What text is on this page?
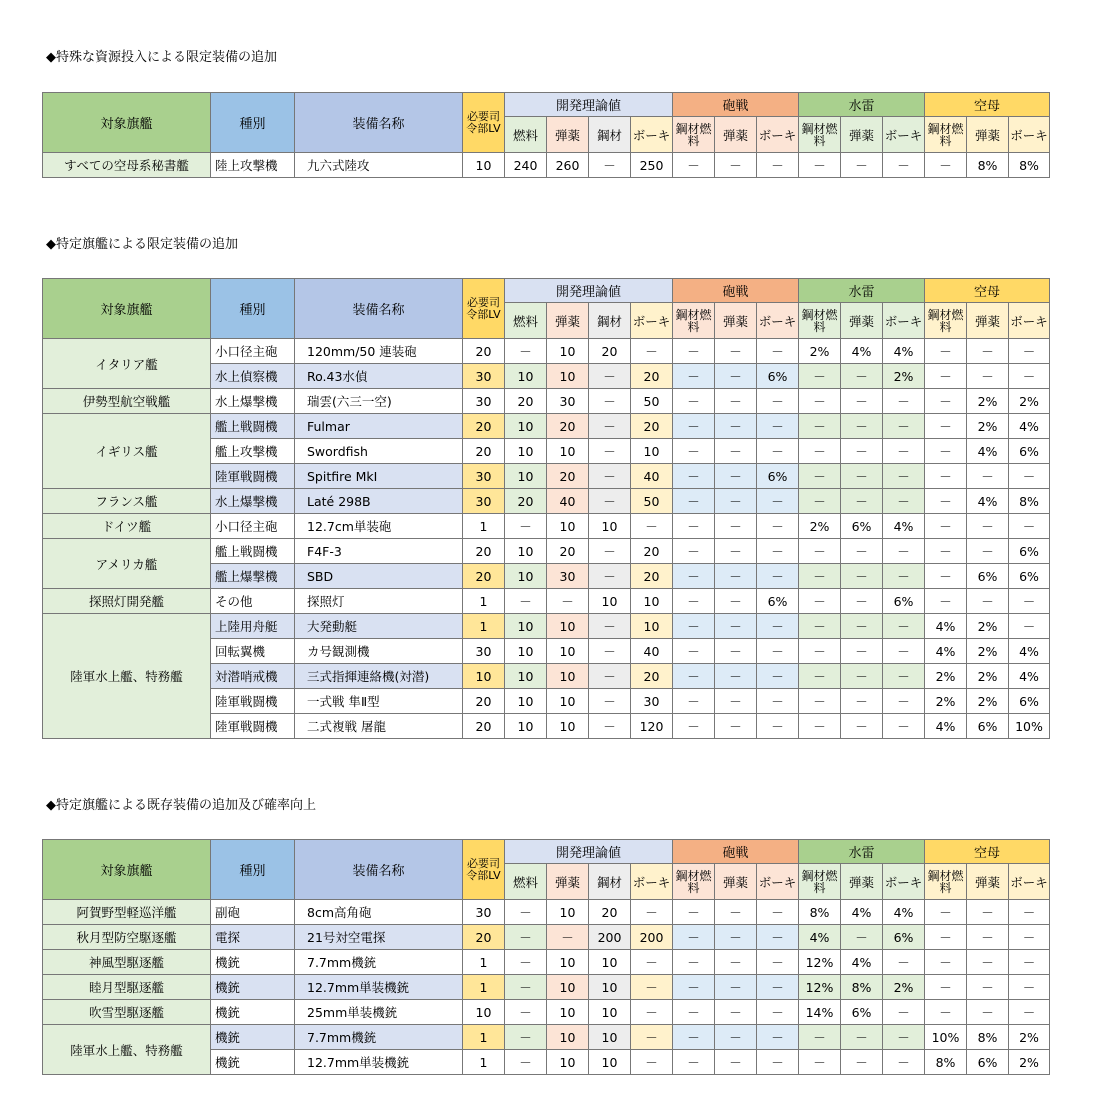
◆特殊な資源投入による限定装備の追加
対象旗艦	種別	装備名称	必要司令部LV	開発理論値				砲戦			水雷			空母		
				燃料	弾薬	鋼材	ボーキ	鋼材燃料	弾薬	ボーキ	鋼材燃料	弾薬	ボーキ	鋼材燃料	弾薬	ボーキ
すべての空母系秘書艦	陸上攻撃機	九六式陸攻	10	240	260	－	250	－	－	－	－	－	－	－	8%	8%
◆特定旗艦による限定装備の追加
対象旗艦	種別	装備名称	必要司令部LV	開発理論値				砲戦			水雷			空母		
				燃料	弾薬	鋼材	ボーキ	鋼材燃料	弾薬	ボーキ	鋼材燃料	弾薬	ボーキ	鋼材燃料	弾薬	ボーキ
イタリア艦	小口径主砲	120mm/50 連装砲	20	－	10	20	－	－	－	－	2%	4%	4%	－	－	－
	水上偵察機	Ro.43水偵	30	10	10	－	20	－	－	6%	－	－	2%	－	－	－
伊勢型航空戦艦	水上爆撃機	瑞雲(六三一空)	30	20	30	－	50	－	－	－	－	－	－	－	2%	2%
イギリス艦	艦上戦闘機	Fulmar	20	10	20	－	20	－	－	－	－	－	－	－	2%	4%
	艦上攻撃機	Swordfish	20	10	10	－	10	－	－	－	－	－	－	－	4%	6%
	陸軍戦闘機	Spitfire MkI	30	10	20	－	40	－	－	6%	－	－	－	－	－	－
フランス艦	水上爆撃機	Laté 298B	30	20	40	－	50	－	－	－	－	－	－	－	4%	8%
ドイツ艦	小口径主砲	12.7cm単装砲	1	－	10	10	－	－	－	－	2%	6%	4%	－	－	－
アメリカ艦	艦上戦闘機	F4F-3	20	10	20	－	20	－	－	－	－	－	－	－	－	6%
	艦上爆撃機	SBD	20	10	30	－	20	－	－	－	－	－	－	－	6%	6%
探照灯開発艦	その他	探照灯	1	－	－	10	10	－	－	6%	－	－	6%	－	－	－
陸軍水上艦、特務艦	上陸用舟艇	大発動艇	1	10	10	－	10	－	－	－	－	－	－	4%	2%	－
	回転翼機	カ号観測機	30	10	10	－	40	－	－	－	－	－	－	4%	2%	4%
	対潜哨戒機	三式指揮連絡機(対潜)	10	10	10	－	20	－	－	－	－	－	－	2%	2%	4%
	陸軍戦闘機	一式戦 隼Ⅱ型	20	10	10	－	30	－	－	－	－	－	－	2%	2%	6%
	陸軍戦闘機	二式複戦 屠龍	20	10	10	－	120	－	－	－	－	－	－	4%	6%	10%
◆特定旗艦による既存装備の追加及び確率向上
対象旗艦	種別	装備名称	必要司令部LV	開発理論値				砲戦			水雷			空母		
				燃料	弾薬	鋼材	ボーキ	鋼材燃料	弾薬	ボーキ	鋼材燃料	弾薬	ボーキ	鋼材燃料	弾薬	ボーキ
阿賀野型軽巡洋艦	副砲	8cm高角砲	30	－	10	20	－	－	－	－	8%	4%	4%	－	－	－
秋月型防空駆逐艦	電探	21号対空電探	20	－	－	200	200	－	－	－	4%	－	6%	－	－	－
神風型駆逐艦	機銃	7.7mm機銃	1	－	10	10	－	－	－	－	12%	4%	－	－	－	－
睦月型駆逐艦	機銃	12.7mm単装機銃	1	－	10	10	－	－	－	－	12%	8%	2%	－	－	－
吹雪型駆逐艦	機銃	25mm単装機銃	10	－	10	10	－	－	－	－	14%	6%	－	－	－	－
陸軍水上艦、特務艦	機銃	7.7mm機銃	1	－	10	10	－	－	－	－	－	－	－	10%	8%	2%
	機銃	12.7mm単装機銃	1	－	10	10	－	－	－	－	－	－	－	8%	6%	2%
